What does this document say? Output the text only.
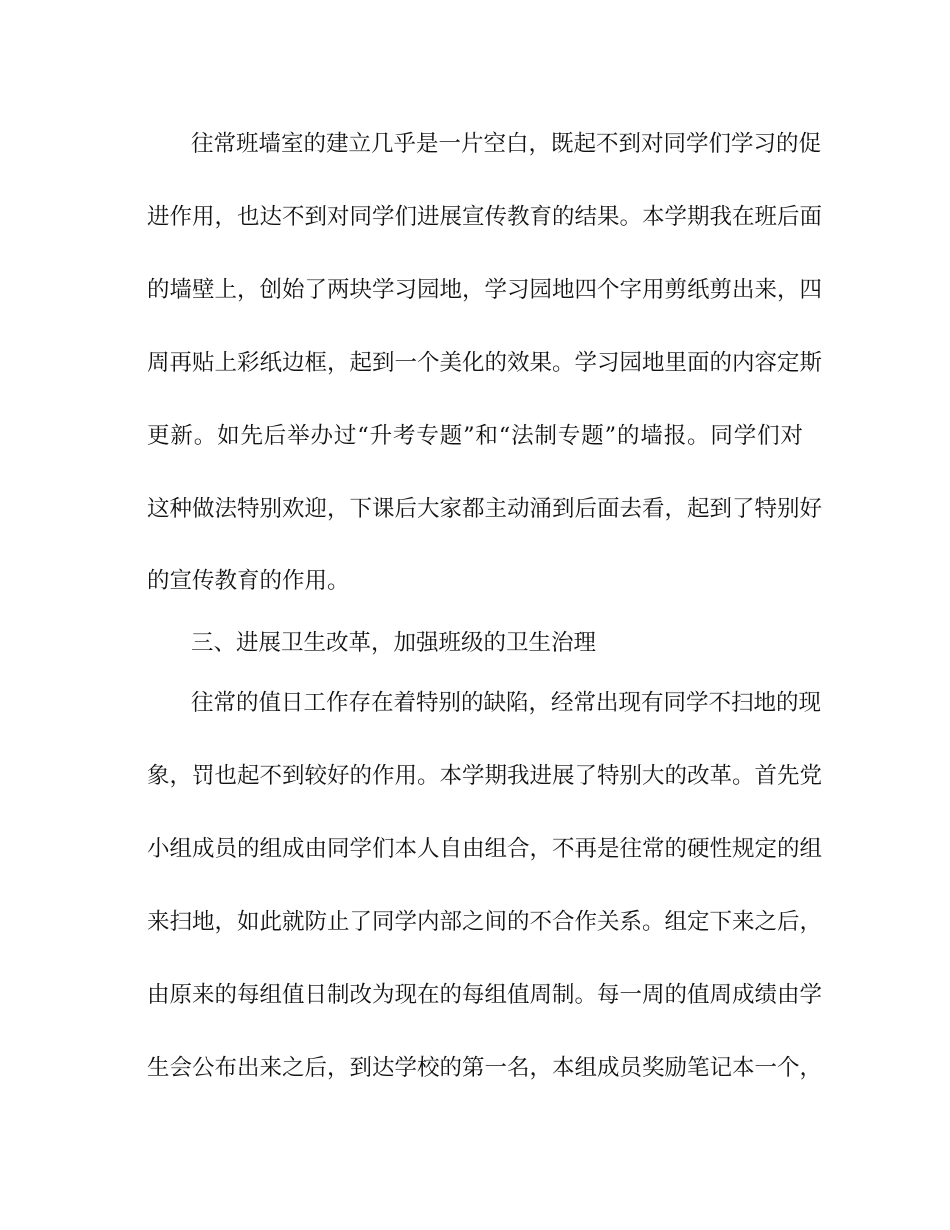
往常班墙室的建立几乎是一片空白，既起不到对同学们学习的促
进作用，也达不到对同学们进展宣传教育的结果。本学期我在班后面
的墙壁上，创始了两块学习园地，学习园地四个字用剪纸剪出来，四
周再贴上彩纸边框，起到一个美化的效果。学习园地里面的内容定斯
更新。如先后举办过“升考专题”和“法制专题”的墙报。同学们对
这种做法特别欢迎，下课后大家都主动涌到后面去看，起到了特别好
的宣传教育的作用。
三、进展卫生改革，加强班级的卫生治理
往常的值日工作存在着特别的缺陷，经常出现有同学不扫地的现
象，罚也起不到较好的作用。本学期我进展了特别大的改革。首先党
小组成员的组成由同学们本人自由组合，不再是往常的硬性规定的组
来扫地，如此就防止了同学内部之间的不合作关系。组定下来之后，
由原来的每组值日制改为现在的每组值周制。每一周的值周成绩由学
生会公布出来之后，到达学校的第一名，本组成员奖励笔记本一个，
